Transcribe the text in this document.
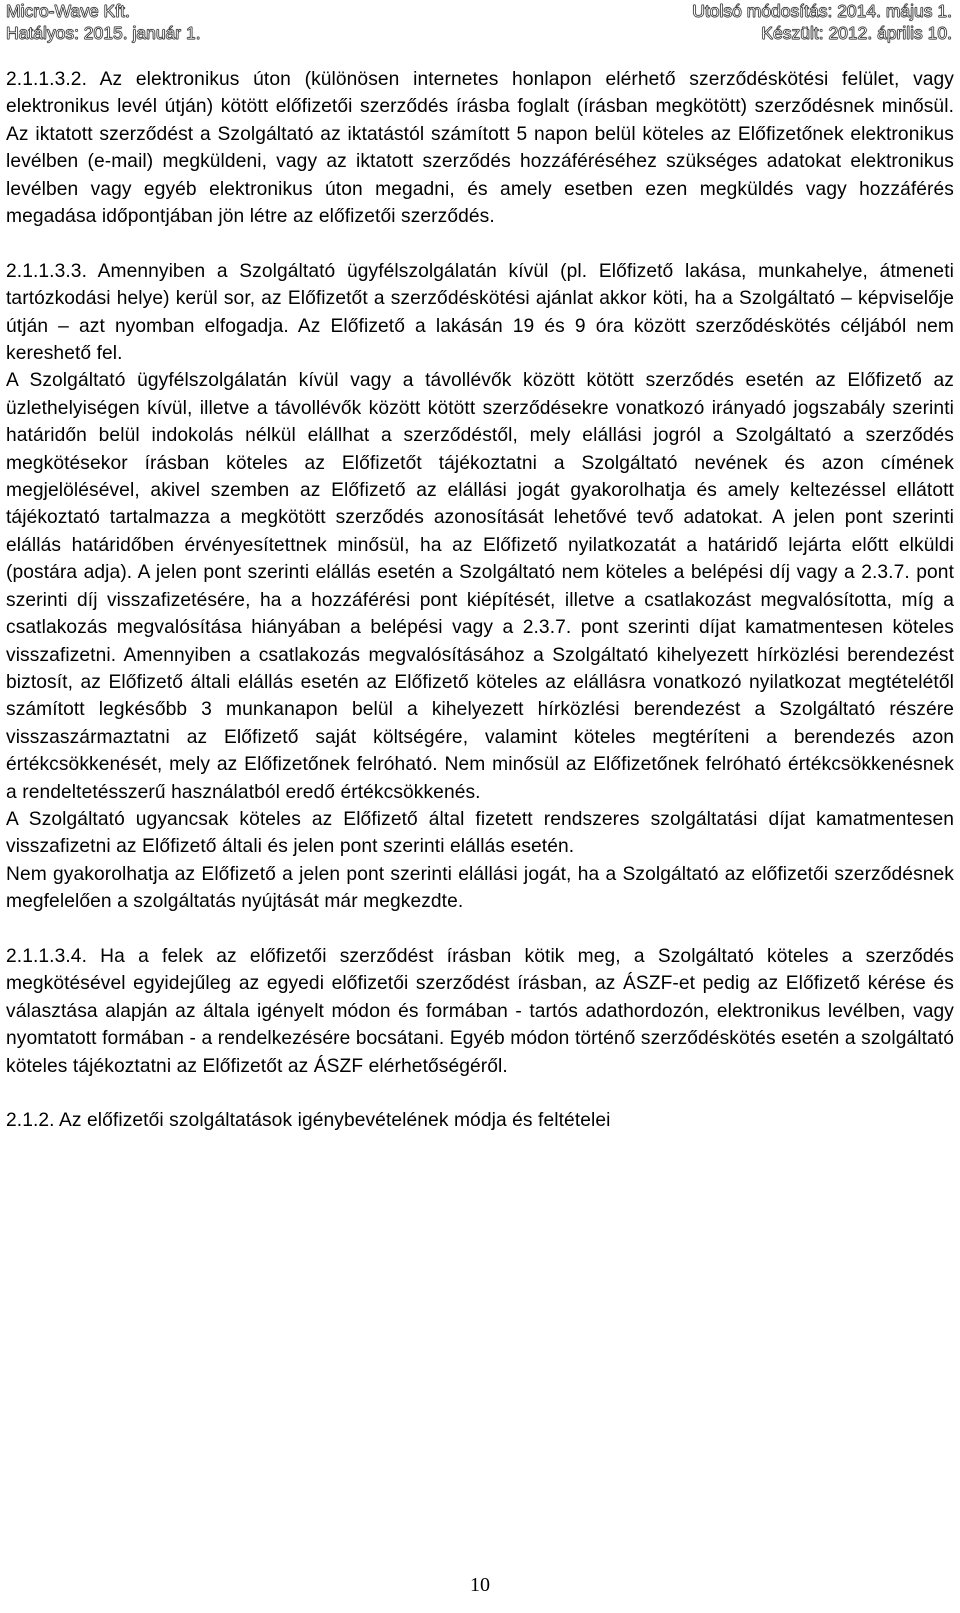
Micro-Wave Kft.	Utolsó módosítás: 2014. május 1.
Hatályos: 2015. január 1.	Készült: 2012. április 10.

2.1.1.3.2. Az elektronikus úton (különösen internetes honlapon elérhető szerződéskötési felület, vagy elektronikus levél útján) kötött előfizetői szerződés írásba foglalt (írásban megkötött) szerződésnek minősül. Az iktatott szerződést a Szolgáltató az iktatástól számított 5 napon belül köteles az Előfizetőnek elektronikus levélben (e-mail) megküldeni, vagy az iktatott szerződés hozzáféréséhez szükséges adatokat elektronikus levélben vagy egyéb elektronikus úton megadni, és amely esetben ezen megküldés vagy hozzáférés megadása időpontjában jön létre az előfizetői szerződés.

2.1.1.3.3. Amennyiben a Szolgáltató ügyfélszolgálatán kívül (pl. Előfizető lakása, munkahelye, átmeneti tartózkodási helye) kerül sor, az Előfizetőt a szerződéskötési ajánlat akkor köti, ha a Szolgáltató – képviselője útján – azt nyomban elfogadja. Az Előfizető a lakásán 19 és 9 óra között szerződéskötés céljából nem kereshető fel.

A Szolgáltató ügyfélszolgálatán kívül vagy a távollévők között kötött szerződés esetén az Előfizető az üzlethelyiségen kívül, illetve a távollévők között kötött szerződésekre vonatkozó irányadó jogszabály szerinti határidőn belül indokolás nélkül elállhat a szerződéstől, mely elállási jogról a Szolgáltató a szerződés megkötésekor írásban köteles az Előfizetőt tájékoztatni a Szolgáltató nevének és azon címének megjelölésével, akivel szemben az Előfizető az elállási jogát gyakorolhatja és amely keltezéssel ellátott tájékoztató tartalmazza a megkötött szerződés azonosítását lehetővé tevő adatokat. A jelen pont szerinti elállás határidőben érvényesítettnek minősül, ha az Előfizető nyilatkozatát a határidő lejárta előtt elküldi (postára adja). A jelen pont szerinti elállás esetén a Szolgáltató nem köteles a belépési díj vagy a 2.3.7. pont szerinti díj visszafizetésére, ha a hozzáférési pont kiépítését, illetve a csatlakozást megvalósította, míg a csatlakozás megvalósítása hiányában a belépési vagy a 2.3.7. pont szerinti díjat kamatmentesen köteles visszafizetni. Amennyiben a csatlakozás megvalósításához a Szolgáltató kihelyezett hírközlési berendezést biztosít, az Előfizető általi elállás esetén az Előfizető köteles az elállásra vonatkozó nyilatkozat megtételétől számított legkésőbb 3 munkanapon belül a kihelyezett hírközlési berendezést a Szolgáltató részére visszaszármaztatni az Előfizető saját költségére, valamint köteles megtéríteni a berendezés azon értékcsökkenését, mely az Előfizetőnek felróható. Nem minősül az Előfizetőnek felróható értékcsökkenésnek a rendeltetésszerű használatból eredő értékcsökkenés.

A Szolgáltató ugyancsak köteles az Előfizető által fizetett rendszeres szolgáltatási díjat kamatmentesen visszafizetni az Előfizető általi és jelen pont szerinti elállás esetén.

Nem gyakorolhatja az Előfizető a jelen pont szerinti elállási jogát, ha a Szolgáltató az előfizetői szerződésnek megfelelően a szolgáltatás nyújtását már megkezdte.

2.1.1.3.4. Ha a felek az előfizetői szerződést írásban kötik meg, a Szolgáltató köteles a szerződés megkötésével egyidejűleg az egyedi előfizetői szerződést írásban, az ÁSZF-et pedig az Előfizető kérése és választása alapján az általa igényelt módon és formában - tartós adathordozón, elektronikus levélben, vagy nyomtatott formában - a rendelkezésére bocsátani. Egyéb módon történő szerződéskötés esetén a szolgáltató köteles tájékoztatni az Előfizetőt az ÁSZF elérhetőségéről.

2.1.2. Az előfizetői szolgáltatások igénybevételének módja és feltételei

10
